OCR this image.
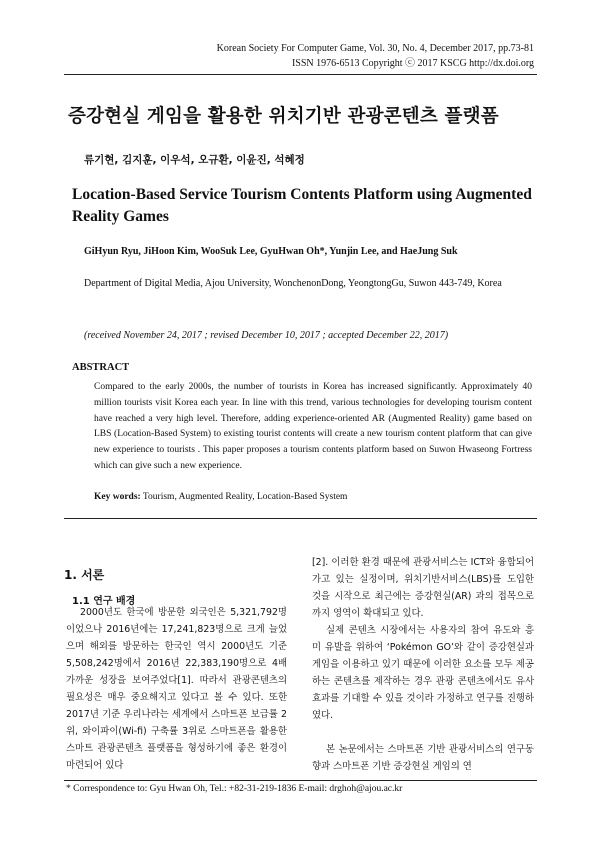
Korean Society For Computer Game, Vol. 30, No. 4, December 2017, pp.73-81
ISSN 1976-6513 Copyright ⓒ 2017 KSCG http://dx.doi.org
증강현실 게임을 활용한 위치기반 관광콘텐츠 플랫폼
류기현, 김지훈, 이우석, 오규환, 이윤진, 석혜정
Location-Based Service Tourism Contents Platform using Augmented Reality Games
GiHyun Ryu, JiHoon Kim, WooSuk Lee, GyuHwan Oh*, Yunjin Lee, and HaeJung Suk
Department of Digital Media, Ajou University, WonchenonDong, YeongtongGu, Suwon 443-749, Korea
(received November 24, 2017 ; revised December 10, 2017 ; accepted December 22, 2017)
ABSTRACT
Compared to the early 2000s, the number of tourists in Korea has increased significantly. Approximately 40 million tourists visit Korea each year. In line with this trend, various technologies for developing tourism content have reached a very high level. Therefore, adding experience-oriented AR (Augmented Reality) game based on LBS (Location-Based System) to existing tourist contents will create a new tourism content platform that can give new experience to tourists . This paper proposes a tourism contents platform based on Suwon Hwaseong Fortress which can give such a new experience.
Key words: Tourism, Augmented Reality, Location-Based System
1. 서론
1.1 연구 배경

2000년도 한국에 방문한 외국인은 5,321,792명이었으나 2016년에는 17,241,823명으로 크게 늘었으며 해외를 방문하는 한국인 역시 2000년도 기준 5,508,242명에서 2016년 22,383,190명으로 4배 가까운 성장을 보여주었다[1]. 따라서 관광콘텐츠의 필요성은 매우 중요해지고 있다고 볼 수 있다. 또한 2017년 기준 우리나라는 세계에서 스마트폰 보급률 2위, 와이파이(Wi-fi) 구축률 3위로 스마트폰을 활용한 스마트 관광콘텐츠 플랫폼을 형성하기에 좋은 환경이 마련되어 있다

[2]. 이러한 환경 때문에 관광서비스는 ICT와 융합되어가고 있는 실정이며, 위치기반서비스(LBS)를 도입한 것을 시작으로 최근에는 증강현실(AR) 과의 접목으로까지 영역이 확대되고 있다.

실제 콘텐츠 시장에서는 사용자의 참여 유도와 흥미 유발을 위하여 ‘Pokémon GO’와 같이 증강현실과 게임을 이용하고 있기 때문에 이러한 요소를 모두 제공하는 콘텐츠를 제작하는 경우 관광 콘텐츠에서도 유사 효과를 기대할 수 있을 것이라 가정하고 연구를 진행하였다.

본 논문에서는 스마트폰 기반 관광서비스의 연구동향과 스마트폰 기반 증강현실 게임의 연

* Correspondence to: Gyu Hwan Oh, Tel.: +82-31-219-1836 E-mail: drghoh@ajou.ac.kr
